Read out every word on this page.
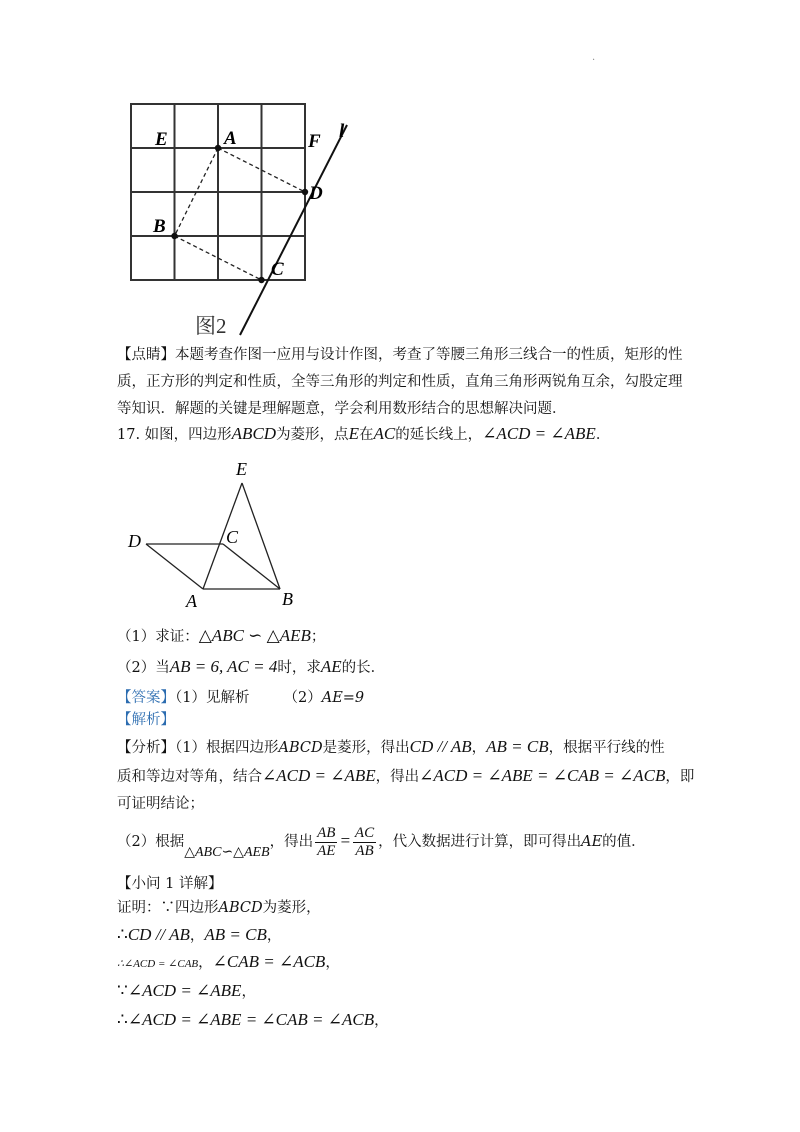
.
E	A	F l
B
D
C
图2
【点睛】本题考查作图一应用与设计作图，考查了等腰三角形三线合一的性质，矩形的性
质，正方形的判定和性质，全等三角形的判定和性质，直角三角形两锐角互余，勾股定理
等知识．解题的关键是理解题意，学会利用数形结合的思想解决问题．
17. 如图，四边形ABCD为菱形，点E在AC的延长线上，∠ACD = ∠ABE．
E
D	C
A	B
（1）求证：△ABC ∽ △AEB；
（2）当AB = 6, AC = 4时，求AE的长．
【答案】（1）见解析 （2）AE=9
【解析】
【分析】（1）根据四边形ABCD是菱形，得出CD // AB，AB = CB，根据平行线的性
质和等边对等角，结合∠ACD = ∠ABE，得出∠ACD = ∠ABE = ∠CAB = ∠ACB，即
可证明结论；
（2）根据△ABC∽△AEB，得出 $\frac{AB}{AE} = \frac{AC}{AB}$ ，代入数据进行计算，即可得出AE的值．
【小问 1 详解】
证明：∵四边形ABCD为菱形，
∴CD // AB，AB = CB，
∴∠ACD = ∠CAB，∠CAB = ∠ACB，
∵∠ACD = ∠ABE，
∴∠ACD = ∠ABE = ∠CAB = ∠ACB，
